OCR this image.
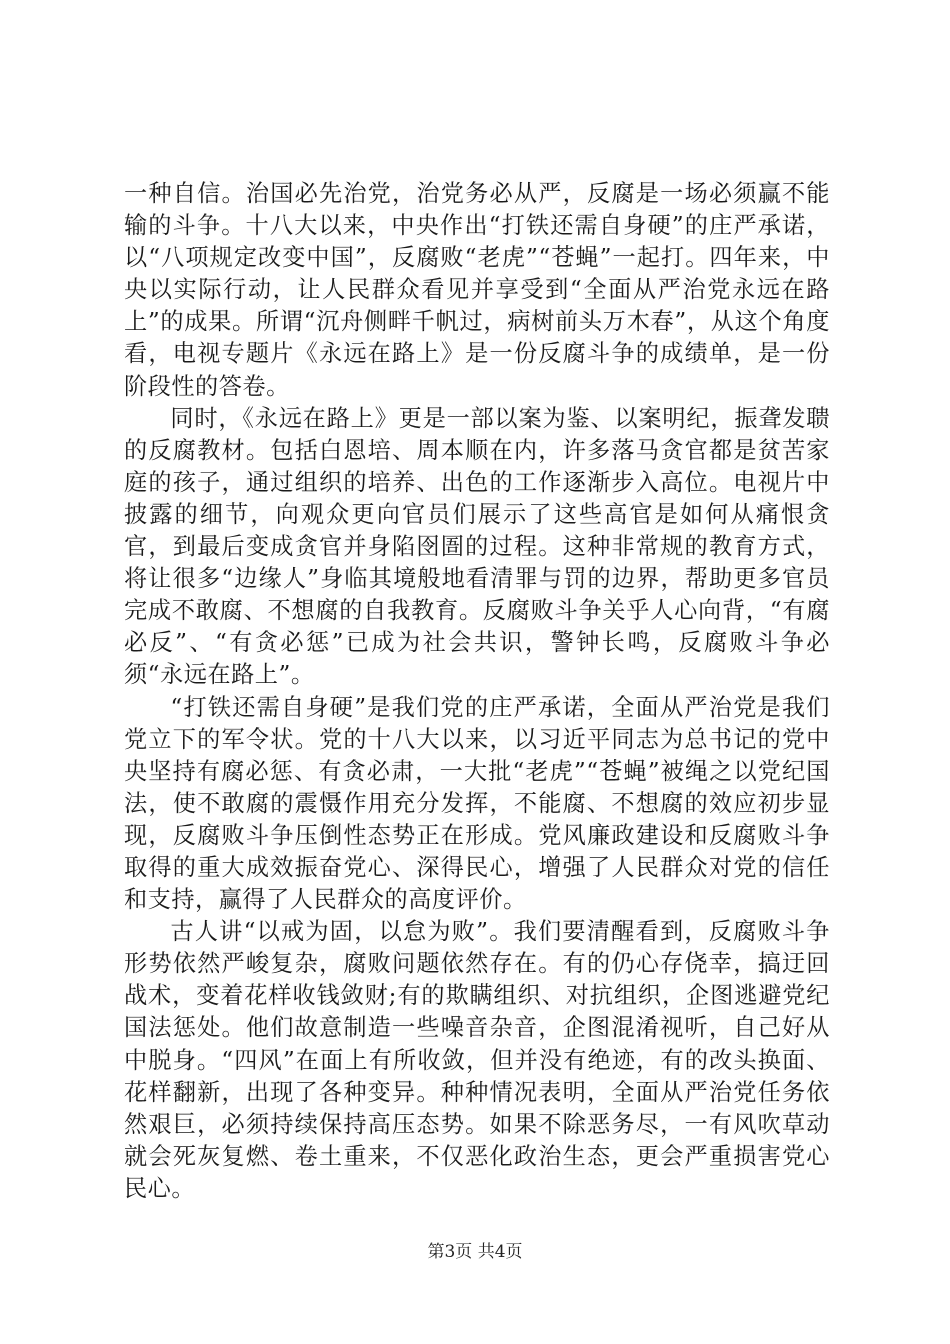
一种自信。治国必先治党，治党务必从严，反腐是一场必须赢不能输的斗争。十八大以来，中央作出“打铁还需自身硬”的庄严承诺，以“八项规定改变中国”，反腐败“老虎”“苍蝇”一起打。四年来，中央以实际行动，让人民群众看见并享受到“全面从严治党永远在路上”的成果。所谓“沉舟侧畔千帆过，病树前头万木春”，从这个角度看，电视专题片《永远在路上》是一份反腐斗争的成绩单，是一份阶段性的答卷。

同时，《永远在路上》更是一部以案为鉴、以案明纪，振聋发聩的反腐教材。包括白恩培、周本顺在内，许多落马贪官都是贫苦家庭的孩子，通过组织的培养、出色的工作逐渐步入高位。电视片中披露的细节，向观众更向官员们展示了这些高官是如何从痛恨贪官，到最后变成贪官并身陷囹圄的过程。这种非常规的教育方式，将让很多“边缘人”身临其境般地看清罪与罚的边界，帮助更多官员完成不敢腐、不想腐的自我教育。反腐败斗争关乎人心向背，“有腐必反”、“有贪必惩”已成为社会共识，警钟长鸣，反腐败斗争必须“永远在路上”。

“打铁还需自身硬”是我们党的庄严承诺，全面从严治党是我们党立下的军令状。党的十八大以来，以习近平同志为总书记的党中央坚持有腐必惩、有贪必肃，一大批“老虎”“苍蝇”被绳之以党纪国法，使不敢腐的震慑作用充分发挥，不能腐、不想腐的效应初步显现，反腐败斗争压倒性态势正在形成。党风廉政建设和反腐败斗争取得的重大成效振奋党心、深得民心，增强了人民群众对党的信任和支持，赢得了人民群众的高度评价。

古人讲“以戒为固，以怠为败”。我们要清醒看到，反腐败斗争形势依然严峻复杂，腐败问题依然存在。有的仍心存侥幸，搞迂回战术，变着花样收钱敛财;有的欺瞒组织、对抗组织，企图逃避党纪国法惩处。他们故意制造一些噪音杂音，企图混淆视听，自己好从中脱身。“四风”在面上有所收敛，但并没有绝迹，有的改头换面、花样翻新，出现了各种变异。种种情况表明，全面从严治党任务依然艰巨，必须持续保持高压态势。如果不除恶务尽，一有风吹草动就会死灰复燃、卷土重来，不仅恶化政治生态，更会严重损害党心民心。

第3页 共4页
